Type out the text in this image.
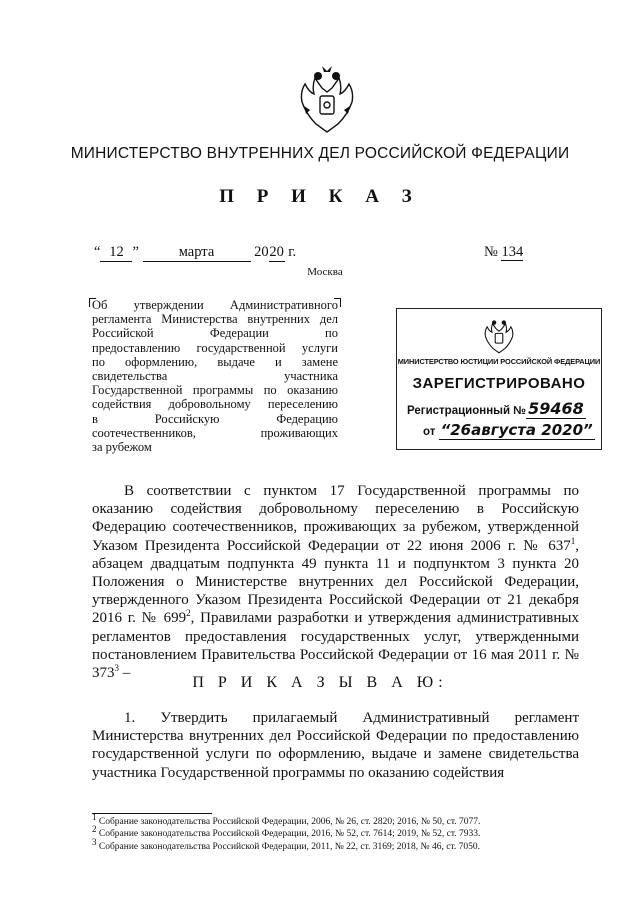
МИНИСТЕРСТВО ВНУТРЕННИХ ДЕЛ РОССИЙСКОЙ ФЕДЕРАЦИИ
П Р И К А З
“ 12 ”	марта	2020 г.	№ 134
Москва
Об утверждении Административного
регламента Министерства внутренних дел
Российской Федерации по
предоставлению государственной услуги
по оформлению, выдаче и замене
свидетельства участника
Государственной программы по оказанию
содействия добровольному переселению
в Российскую Федерацию
соотечественников, проживающих
за рубежом
МИНИСТЕРСТВО ЮСТИЦИИ РОССИЙСКОЙ ФЕДЕРАЦИИ
ЗАРЕГИСТРИРОВАНО
Регистрационный № 59468
от “26августа 2020”
В соответствии с пунктом 17 Государственной программы по оказанию содействия добровольному переселению в Российскую Федерацию соотечественников, проживающих за рубежом, утвержденной Указом Президента Российской Федерации от 22 июня 2006 г. № $637^1$, абзацем двадцатым подпункта 49 пункта 11 и подпунктом 3 пункта 20 Положения о Министерстве внутренних дел Российской Федерации, утвержденного Указом Президента Российской Федерации от 21 декабря 2016 г. № $699^2$, Правилами разработки и утверждения административных регламентов предоставления государственных услуг, утвержденными постановлением Правительства Российской Федерации от 16 мая 2011 г. № $373^3$ –
П Р И К А З Ы В А Ю:
1. Утвердить прилагаемый Административный регламент Министерства внутренних дел Российской Федерации по предоставлению государственной услуги по оформлению, выдаче и замене свидетельства участника Государственной программы по оказанию содействия
$^1$ Собрание законодательства Российской Федерации, 2006, № 26, ст. 2820; 2016, № 50, ст. 7077.
$^2$ Собрание законодательства Российской Федерации, 2016, № 52, ст. 7614; 2019, № 52, ст. 7933.
$^3$ Собрание законодательства Российской Федерации, 2011, № 22, ст. 3169; 2018, № 46, ст. 7050.
